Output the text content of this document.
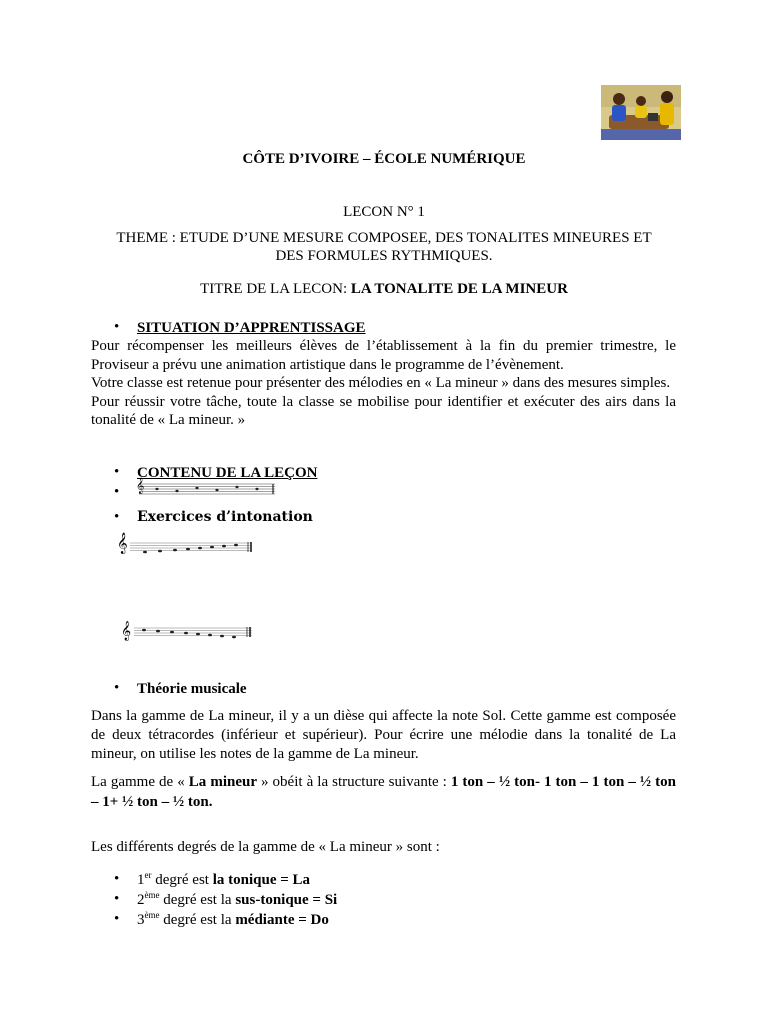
CÔTE D’IVOIRE – ÉCOLE NUMÉRIQUE
LECON N° 1
THEME : ETUDE D’UNE MESURE COMPOSEE, DES TONALITES MINEURES ET
DES FORMULES RYTHMIQUES.
TITRE DE LA LECON: LA TONALITE DE LA MINEUR
• SITUATION D’APPRENTISSAGE

Pour récompenser les meilleurs élèves de l’établissement à la fin du premier trimestre, le Proviseur a prévu une animation artistique dans le programme de l’évènement.

Votre classe est retenue pour présenter des mélodies en « La mineur » dans des mesures simples.

Pour réussir votre tâche, toute la classe se mobilise pour identifier et exécuter des airs dans la tonalité de « La mineur. »

• CONTENU DE LA LEÇON
• 𝄞
• Exercices d’intonation
𝄞
𝄞
• Théorie musicale

Dans la gamme de La mineur, il y a un dièse qui affecte la note Sol. Cette gamme est composée de deux tétracordes (inférieur et supérieur). Pour écrire une mélodie dans la tonalité de La mineur, on utilise les notes de la gamme de La mineur.

La gamme de « La mineur » obéit à la structure suivante : 1 ton – ½ ton- 1 ton – 1 ton – ½ ton – 1+ ½ ton – ½ ton.

Les différents degrés de la gamme de « La mineur » sont :
• 1er degré est la tonique = La
• 2ème degré est la sus-tonique = Si
• 3ème degré est la médiante = Do
